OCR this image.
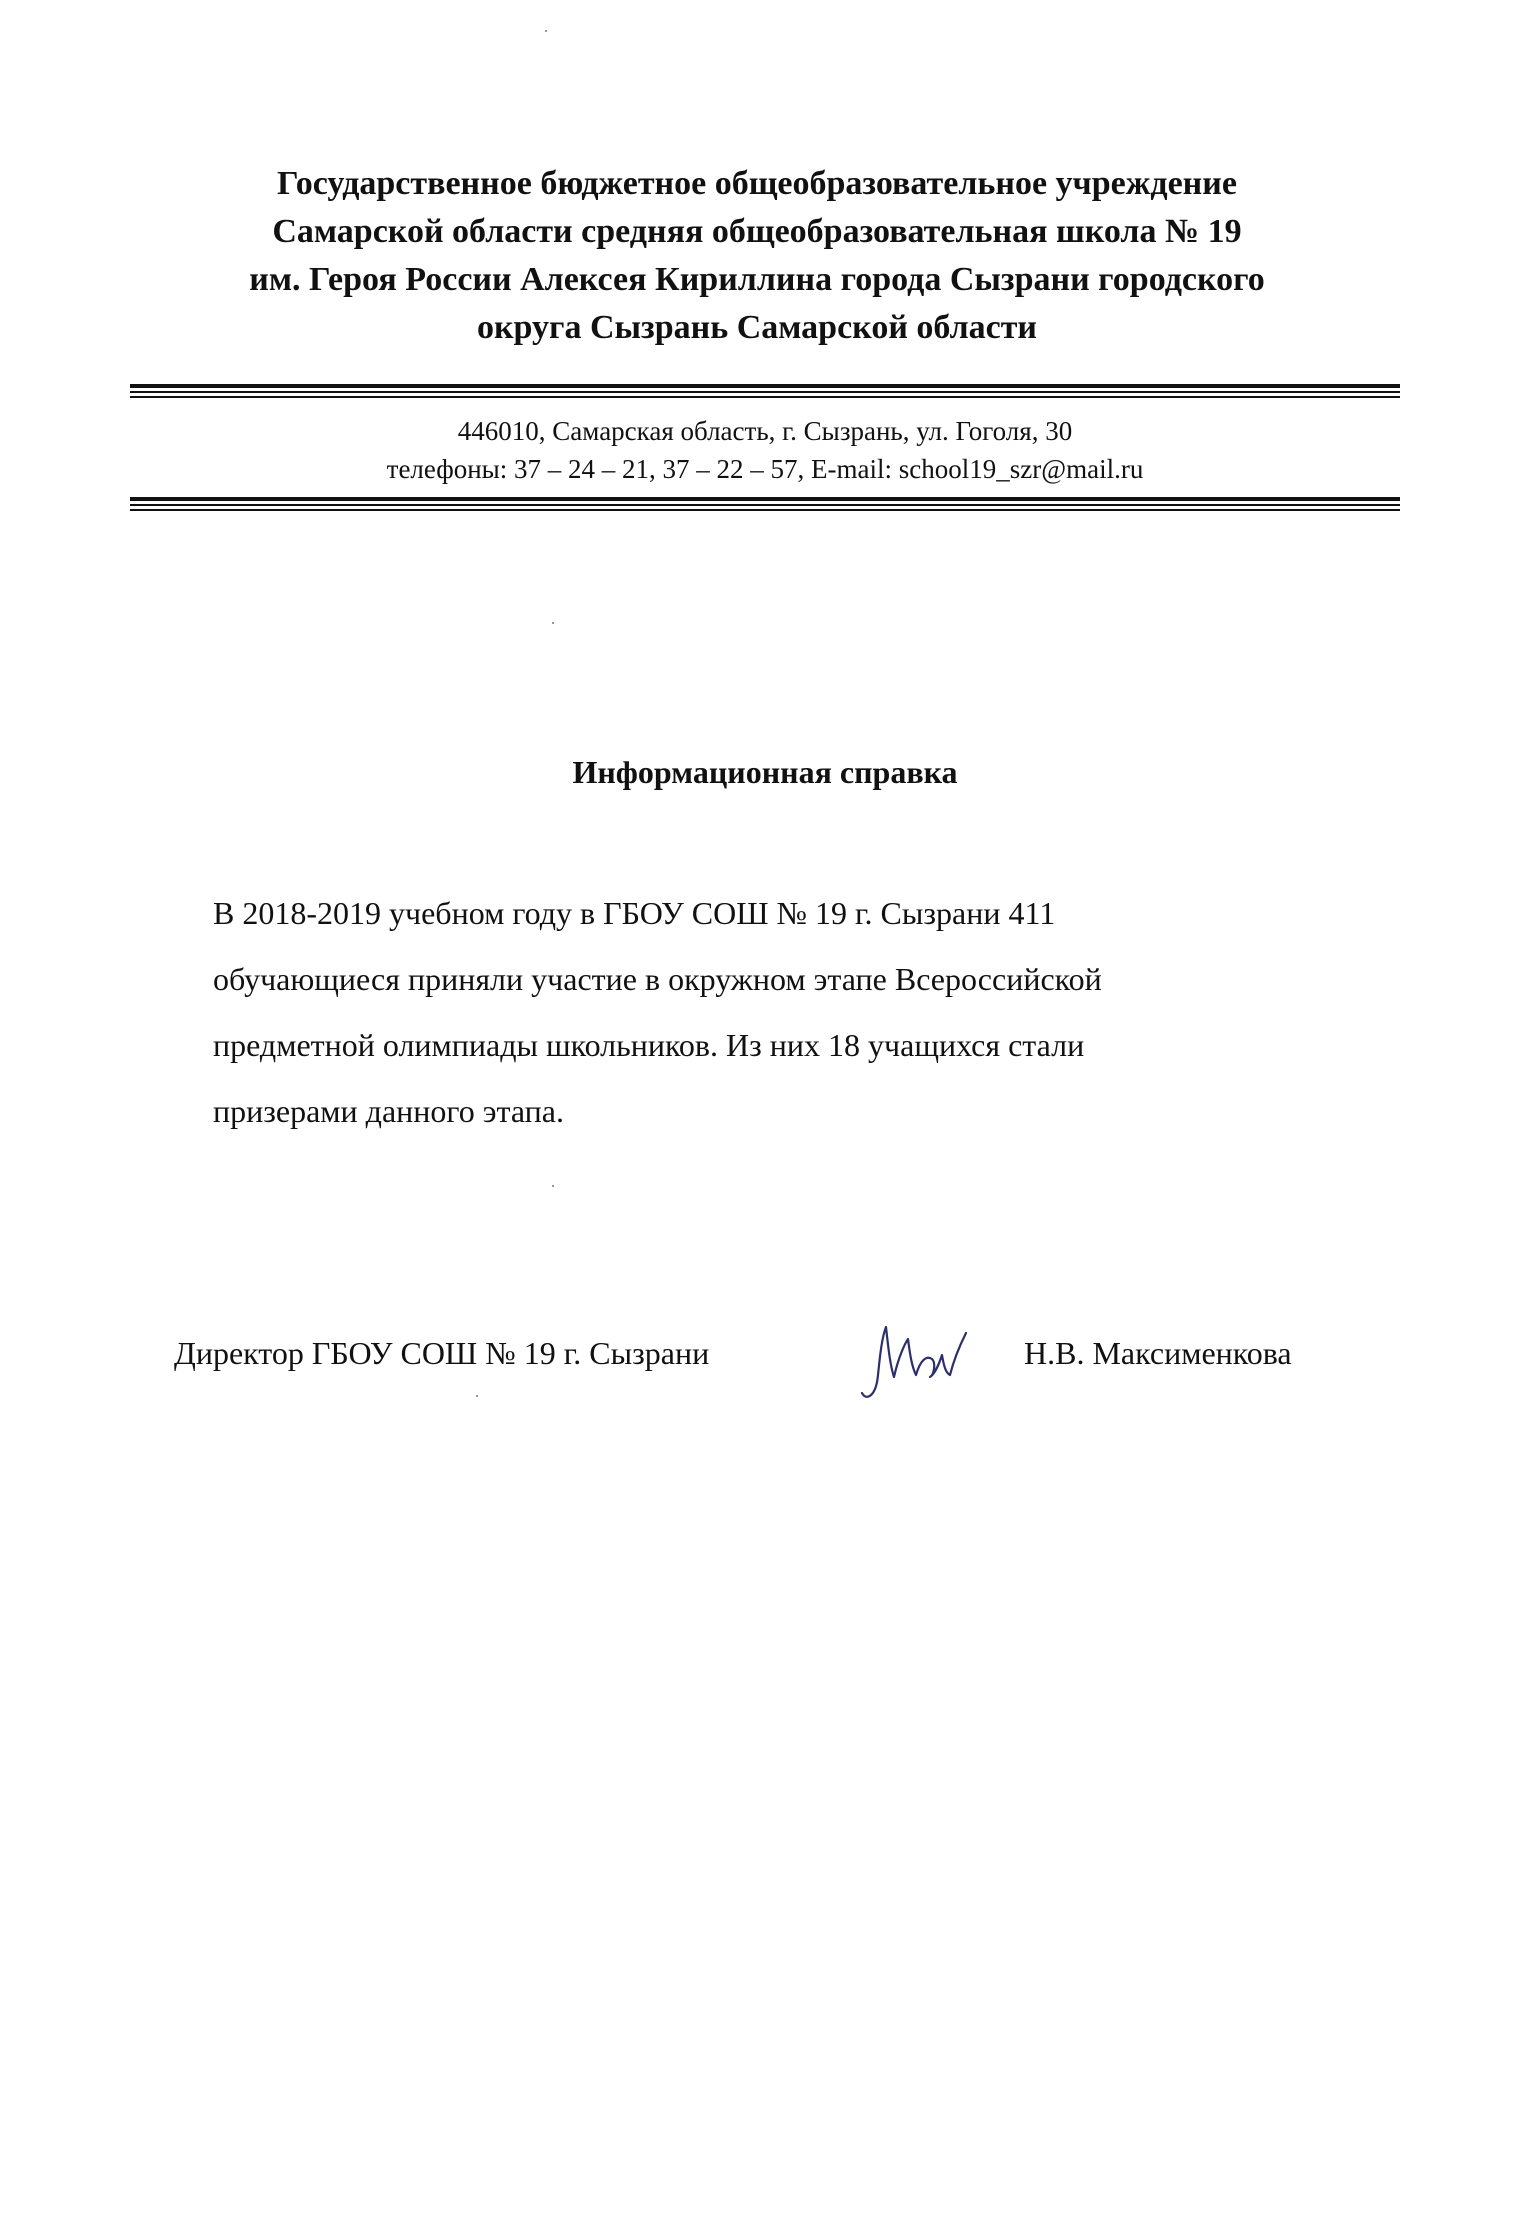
Государственное бюджетное общеобразовательное учреждение
Самарской области средняя общеобразовательная школа № 19
им. Героя России Алексея Кириллина города Сызрани городского
округа Сызрань Самарской области
446010, Самарская область, г. Сызрань, ул. Гоголя, 30
телефоны: 37 – 24 – 21, 37 – 22 – 57, E-mail: school19_szr@mail.ru
Информационная справка
В 2018-2019 учебном году в ГБОУ СОШ № 19 г. Сызрани 411
обучающиеся приняли участие в окружном этапе Всероссийской
предметной олимпиады школьников. Из них 18 учащихся стали
призерами данного этапа.
Директор ГБОУ СОШ № 19 г. Сызрани	Н.В. Максименкова
